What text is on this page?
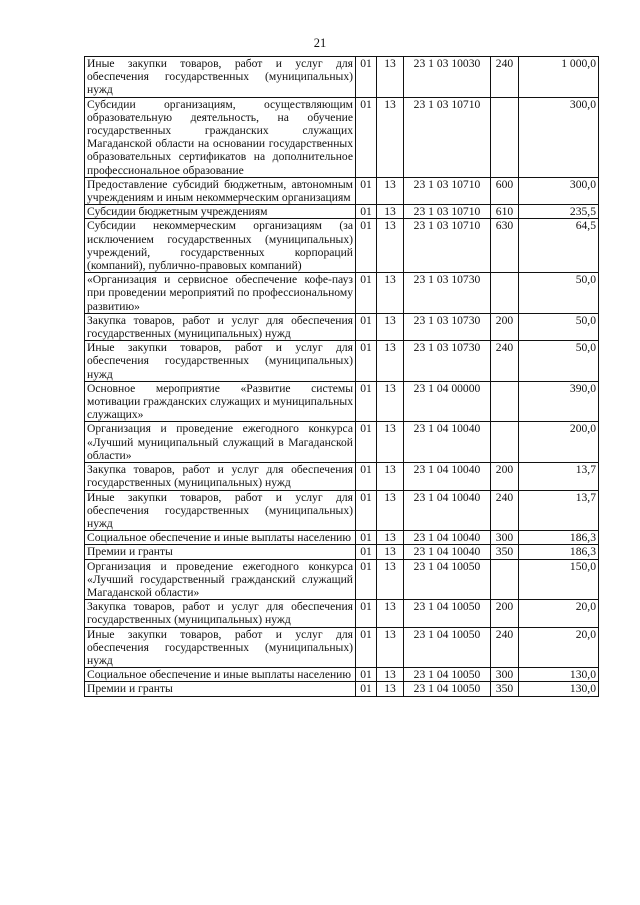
21
Иные закупки товаров, работ и услуг для обеспечения государственных (муниципальных) нужд	01	13	23 1 03 10030	240	1 000,0
Субсидии организациям, осуществляющим образовательную деятельность, на обучение государственных гражданских служащих Магаданской области на основании государственных образовательных сертификатов на дополнительное профессиональное образование	01	13	23 1 03 10710		300,0
Предоставление субсидий бюджетным, автономным учреждениям и иным некоммерческим организациям	01	13	23 1 03 10710	600	300,0
Субсидии бюджетным учреждениям	01	13	23 1 03 10710	610	235,5
Субсидии некоммерческим организациям (за исключением государственных (муниципальных) учреждений, государственных корпораций (компаний), публично-правовых компаний)	01	13	23 1 03 10710	630	64,5
«Организация и сервисное обеспечение кофе-пауз при проведении мероприятий по профессиональному развитию»	01	13	23 1 03 10730		50,0
Закупка товаров, работ и услуг для обеспечения государственных (муниципальных) нужд	01	13	23 1 03 10730	200	50,0
Иные закупки товаров, работ и услуг для обеспечения государственных (муниципальных) нужд	01	13	23 1 03 10730	240	50,0
Основное мероприятие «Развитие системы мотивации гражданских служащих и муниципальных служащих»	01	13	23 1 04 00000		390,0
Организация и проведение ежегодного конкурса «Лучший муниципальный служащий в Магаданской области»	01	13	23 1 04 10040		200,0
Закупка товаров, работ и услуг для обеспечения государственных (муниципальных) нужд	01	13	23 1 04 10040	200	13,7
Иные закупки товаров, работ и услуг для обеспечения государственных (муниципальных) нужд	01	13	23 1 04 10040	240	13,7
Социальное обеспечение и иные выплаты населению	01	13	23 1 04 10040	300	186,3
Премии и гранты	01	13	23 1 04 10040	350	186,3
Организация и проведение ежегодного конкурса «Лучший государственный гражданский служащий Магаданской области»	01	13	23 1 04 10050		150,0
Закупка товаров, работ и услуг для обеспечения государственных (муниципальных) нужд	01	13	23 1 04 10050	200	20,0
Иные закупки товаров, работ и услуг для обеспечения государственных (муниципальных) нужд	01	13	23 1 04 10050	240	20,0
Социальное обеспечение и иные выплаты населению	01	13	23 1 04 10050	300	130,0
Премии и гранты	01	13	23 1 04 10050	350	130,0
